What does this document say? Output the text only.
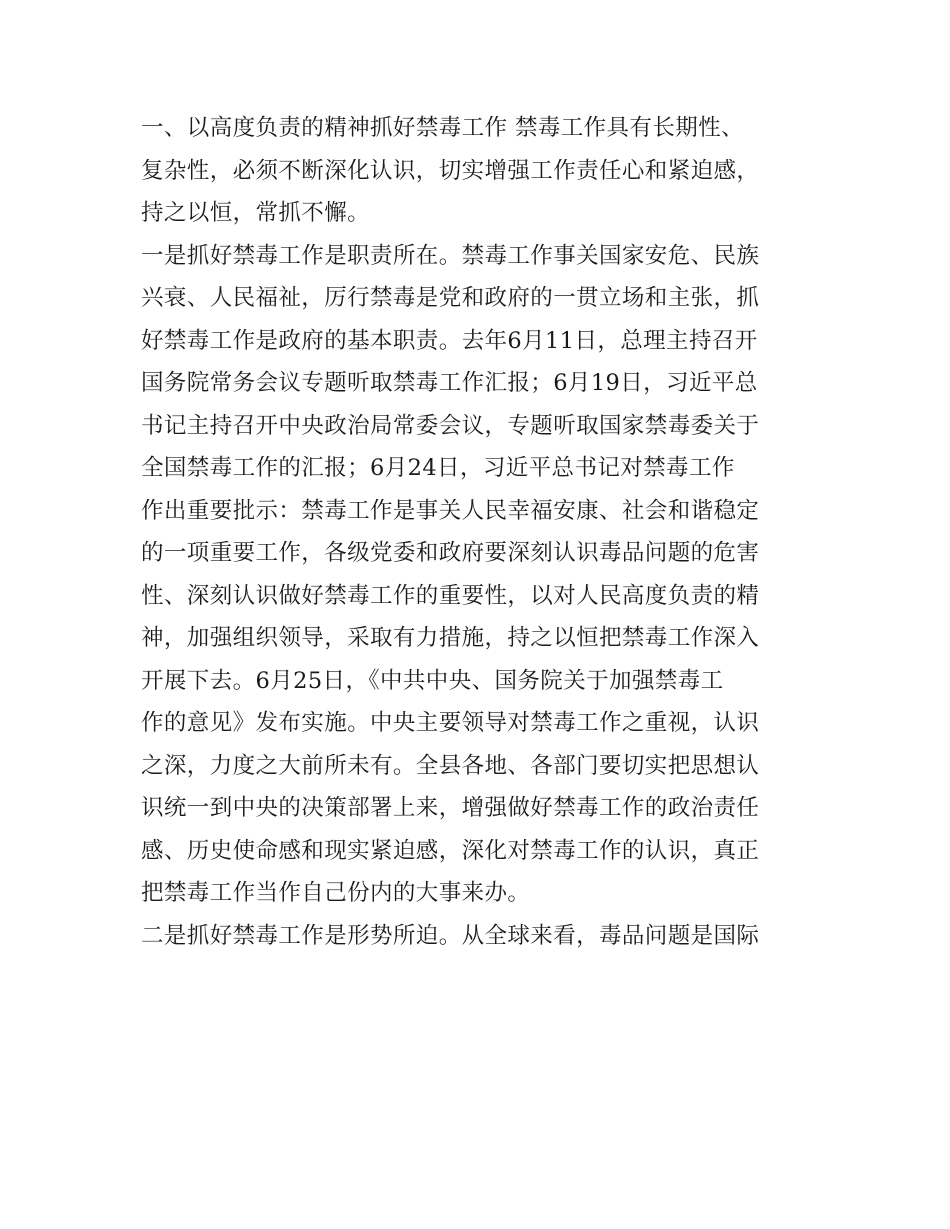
一、以高度负责的精神抓好禁毒工作 禁毒工作具有长期性、
复杂性，必须不断深化认识，切实增强工作责任心和紧迫感，
持之以恒，常抓不懈。
一是抓好禁毒工作是职责所在。禁毒工作事关国家安危、民族
兴衰、人民福祉，厉行禁毒是党和政府的一贯立场和主张，抓
好禁毒工作是政府的基本职责。去年6月11日，总理主持召开
国务院常务会议专题听取禁毒工作汇报；6月19日，习近平总
书记主持召开中央政治局常委会议，专题听取国家禁毒委关于
全国禁毒工作的汇报；6月24日，习近平总书记对禁毒工作
作出重要批示：禁毒工作是事关人民幸福安康、社会和谐稳定
的一项重要工作，各级党委和政府要深刻认识毒品问题的危害
性、深刻认识做好禁毒工作的重要性，以对人民高度负责的精
神，加强组织领导，采取有力措施，持之以恒把禁毒工作深入
开展下去。6月25日，《中共中央、国务院关于加强禁毒工
作的意见》发布实施。中央主要领导对禁毒工作之重视，认识
之深，力度之大前所未有。全县各地、各部门要切实把思想认
识统一到中央的决策部署上来，增强做好禁毒工作的政治责任
感、历史使命感和现实紧迫感，深化对禁毒工作的认识，真正
把禁毒工作当作自己份内的大事来办。
二是抓好禁毒工作是形势所迫。从全球来看，毒品问题是国际
